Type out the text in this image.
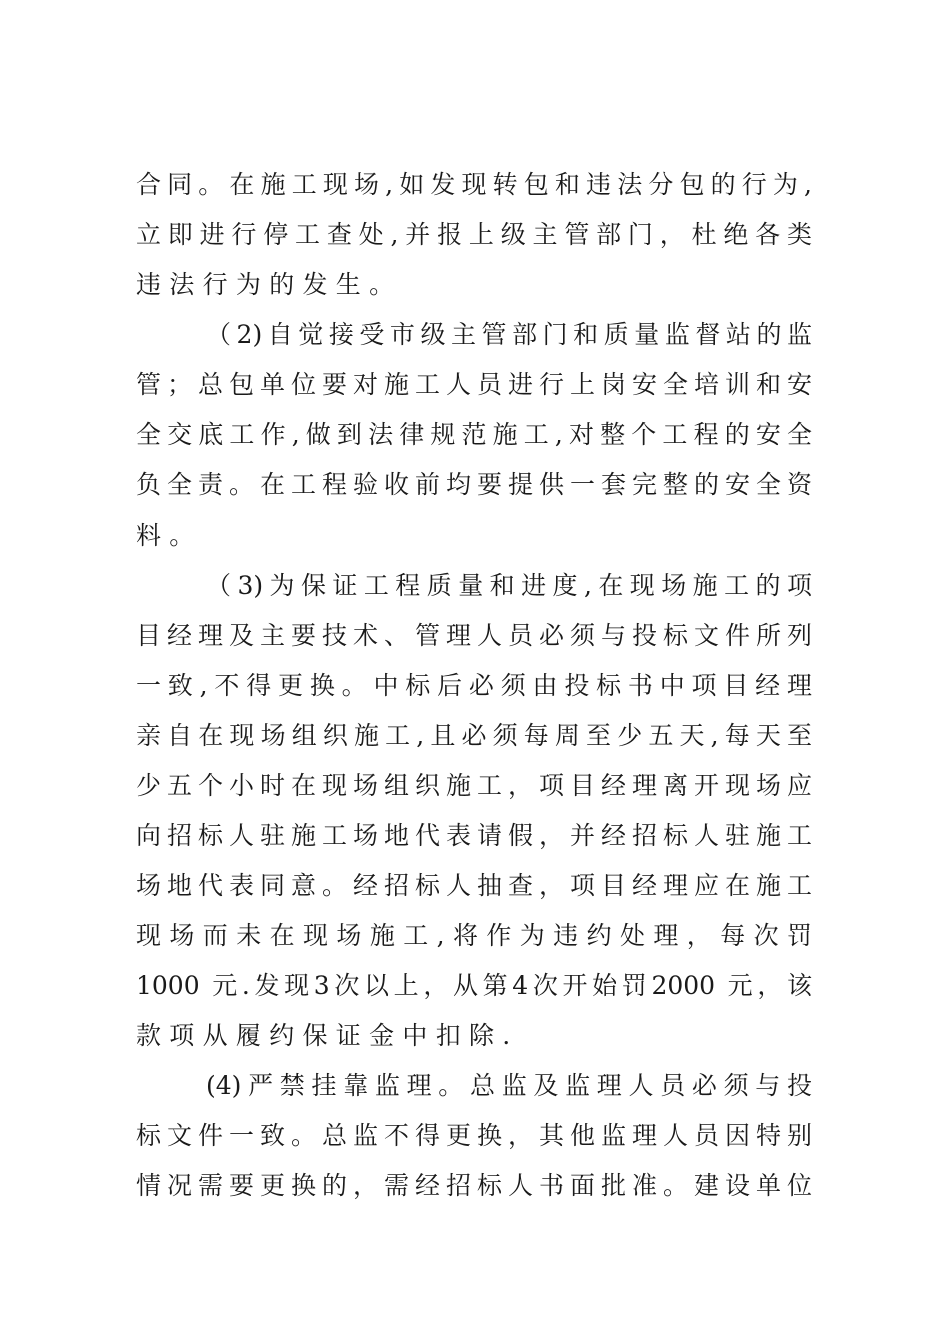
合同。在施工现场,如发现转包和违法分包的行为,
立即进行停工查处,并报上级主管部门，杜绝各类
违法行为的发生。
（2)自觉接受市级主管部门和质量监督站的监
管；总包单位要对施工人员进行上岗安全培训和安
全交底工作,做到法律规范施工,对整个工程的安全
负全责。在工程验收前均要提供一套完整的安全资
料。
（3)为保证工程质量和进度,在现场施工的项
目经理及主要技术、管理人员必须与投标文件所列
一致,不得更换。中标后必须由投标书中项目经理
亲自在现场组织施工,且必须每周至少五天,每天至
少五个小时在现场组织施工，项目经理离开现场应
向招标人驻施工场地代表请假，并经招标人驻施工
场地代表同意。经招标人抽查，项目经理应在施工
现场而未在现场施工,将作为违约处理，每次罚
1000 元.发现3次以上，从第4次开始罚2000 元，该
款项从履约保证金中扣除.
(4)严禁挂靠监理。总监及监理人员必须与投
标文件一致。总监不得更换，其他监理人员因特别
情况需要更换的，需经招标人书面批准。建设单位
